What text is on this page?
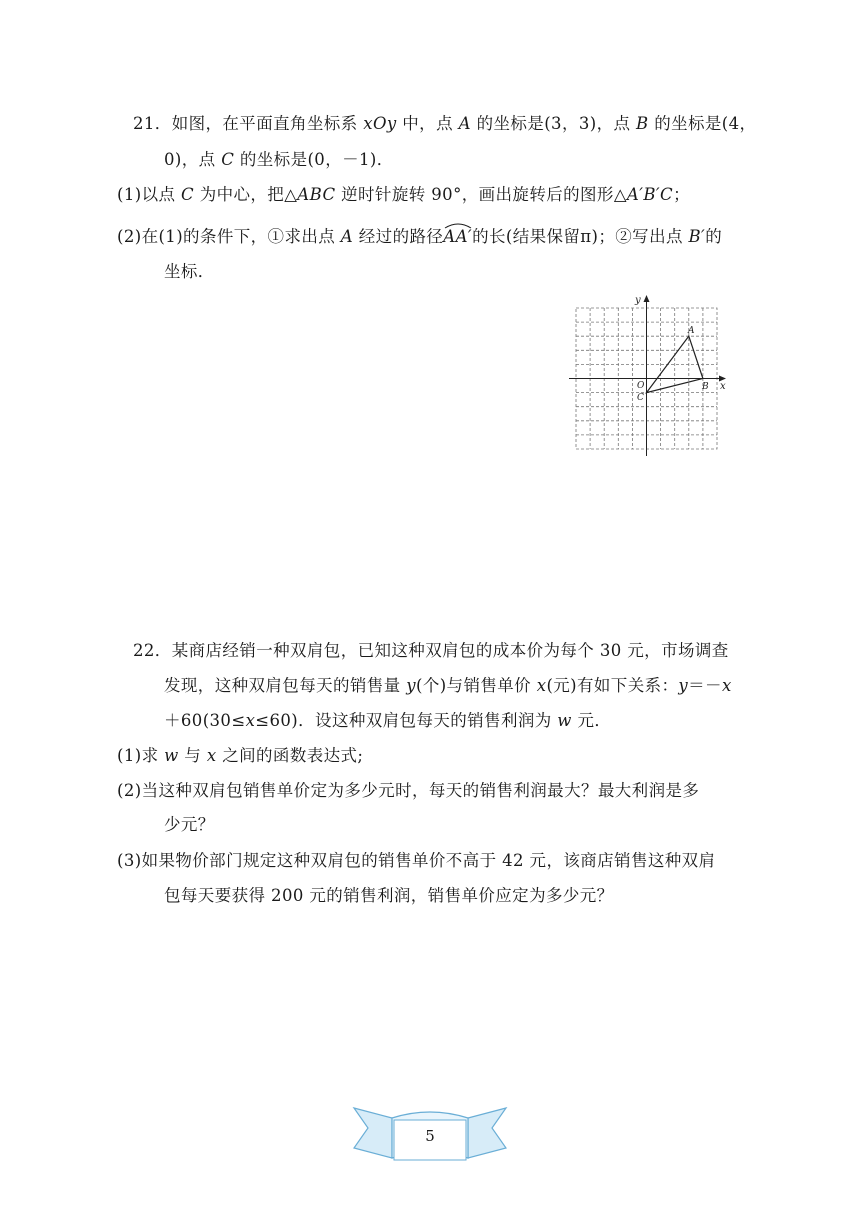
21．如图，在平面直角坐标系 xOy 中，点 A 的坐标是(3，3)，点 B 的坐标是(4，
0)，点 C 的坐标是(0，－1)．
(1)以点 C 为中心，把△ABC 逆时针旋转 90°，画出旋转后的图形△A′B′C；
(2)在(1)的条件下，①求出点 A 经过的路径AA′
的长(结果保留π)；②写出点 B′的
坐标．
y
x
A
B
O
C
22．某商店经销一种双肩包，已知这种双肩包的成本价为每个 30 元，市场调查
发现，这种双肩包每天的销售量 y(个)与销售单价 x(元)有如下关系：y＝－x
＋60(30≤x≤60)．设这种双肩包每天的销售利润为 w 元．
(1)求 w 与 x 之间的函数表达式;
(2)当这种双肩包销售单价定为多少元时，每天的销售利润最大？最大利润是多
少元？
(3)如果物价部门规定这种双肩包的销售单价不高于 42 元，该商店销售这种双肩
包每天要获得 200 元的销售利润，销售单价应定为多少元？
5
